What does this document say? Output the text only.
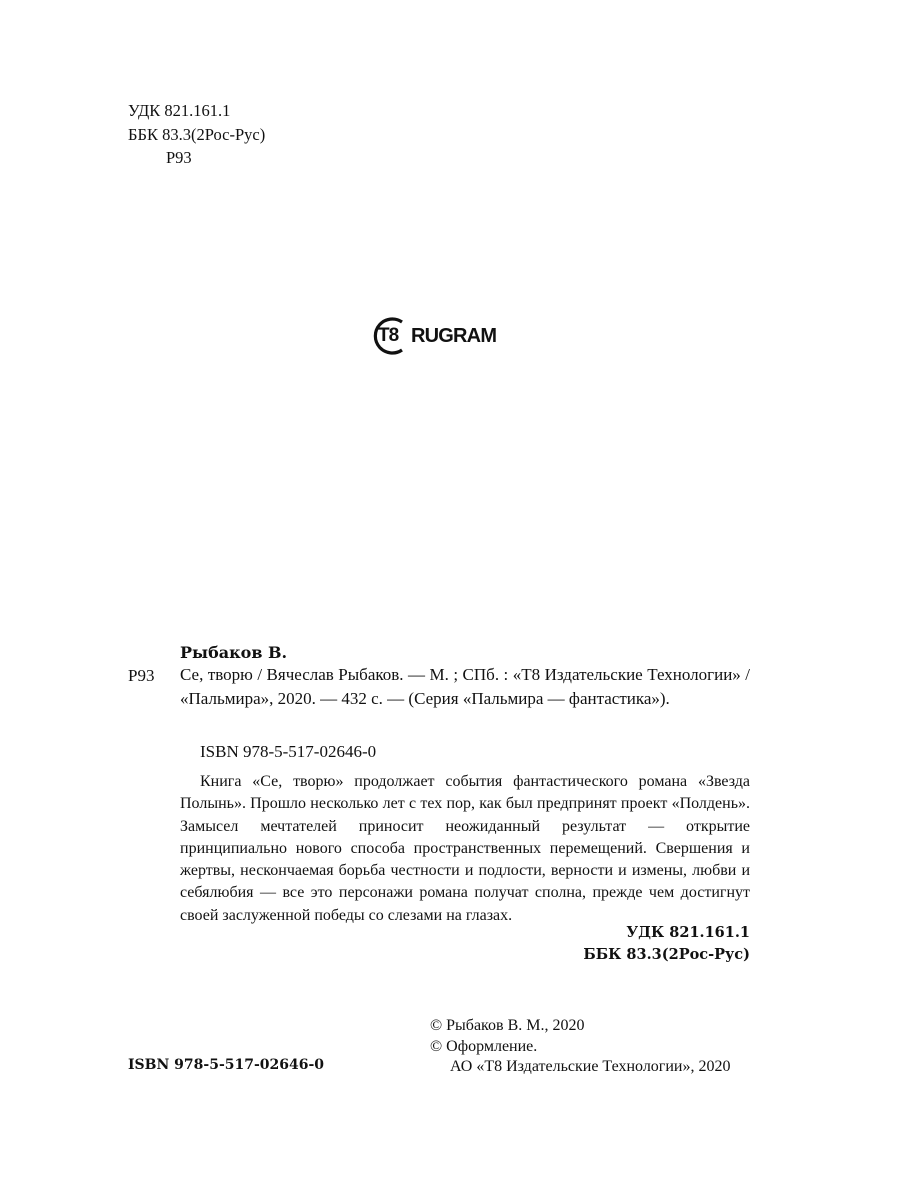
УДК 821.161.1
ББК 83.3(2Рос-Рус)
Р93
T8 RUGRAM
Рыбаков В.
Р93 Се, творю / Вячеслав Рыбаков. — М. ; СПб. : «Т8 Издательские Технологии» / «Пальмира», 2020. — 432 с. — (Серия «Пальмира — фантастика»).
ISBN 978-5-517-02646-0
Книга «Се, творю» продолжает события фантастического романа «Звезда Полынь». Прошло несколько лет с тех пор, как был предпринят проект «Полдень». Замысел мечтателей приносит неожиданный результат — открытие принципиально нового способа пространственных перемещений. Свершения и жертвы, нескончаемая борьба честности и подлости, верности и измены, любви и себялюбия — все это персонажи романа получат сполна, прежде чем достигнут своей заслуженной победы со слезами на глазах.
УДК 821.161.1
ББК 83.3(2Рос-Рус)
ISBN 978-5-517-02646-0
© Рыбаков В. М., 2020
© Оформление.
АО «Т8 Издательские Технологии», 2020
